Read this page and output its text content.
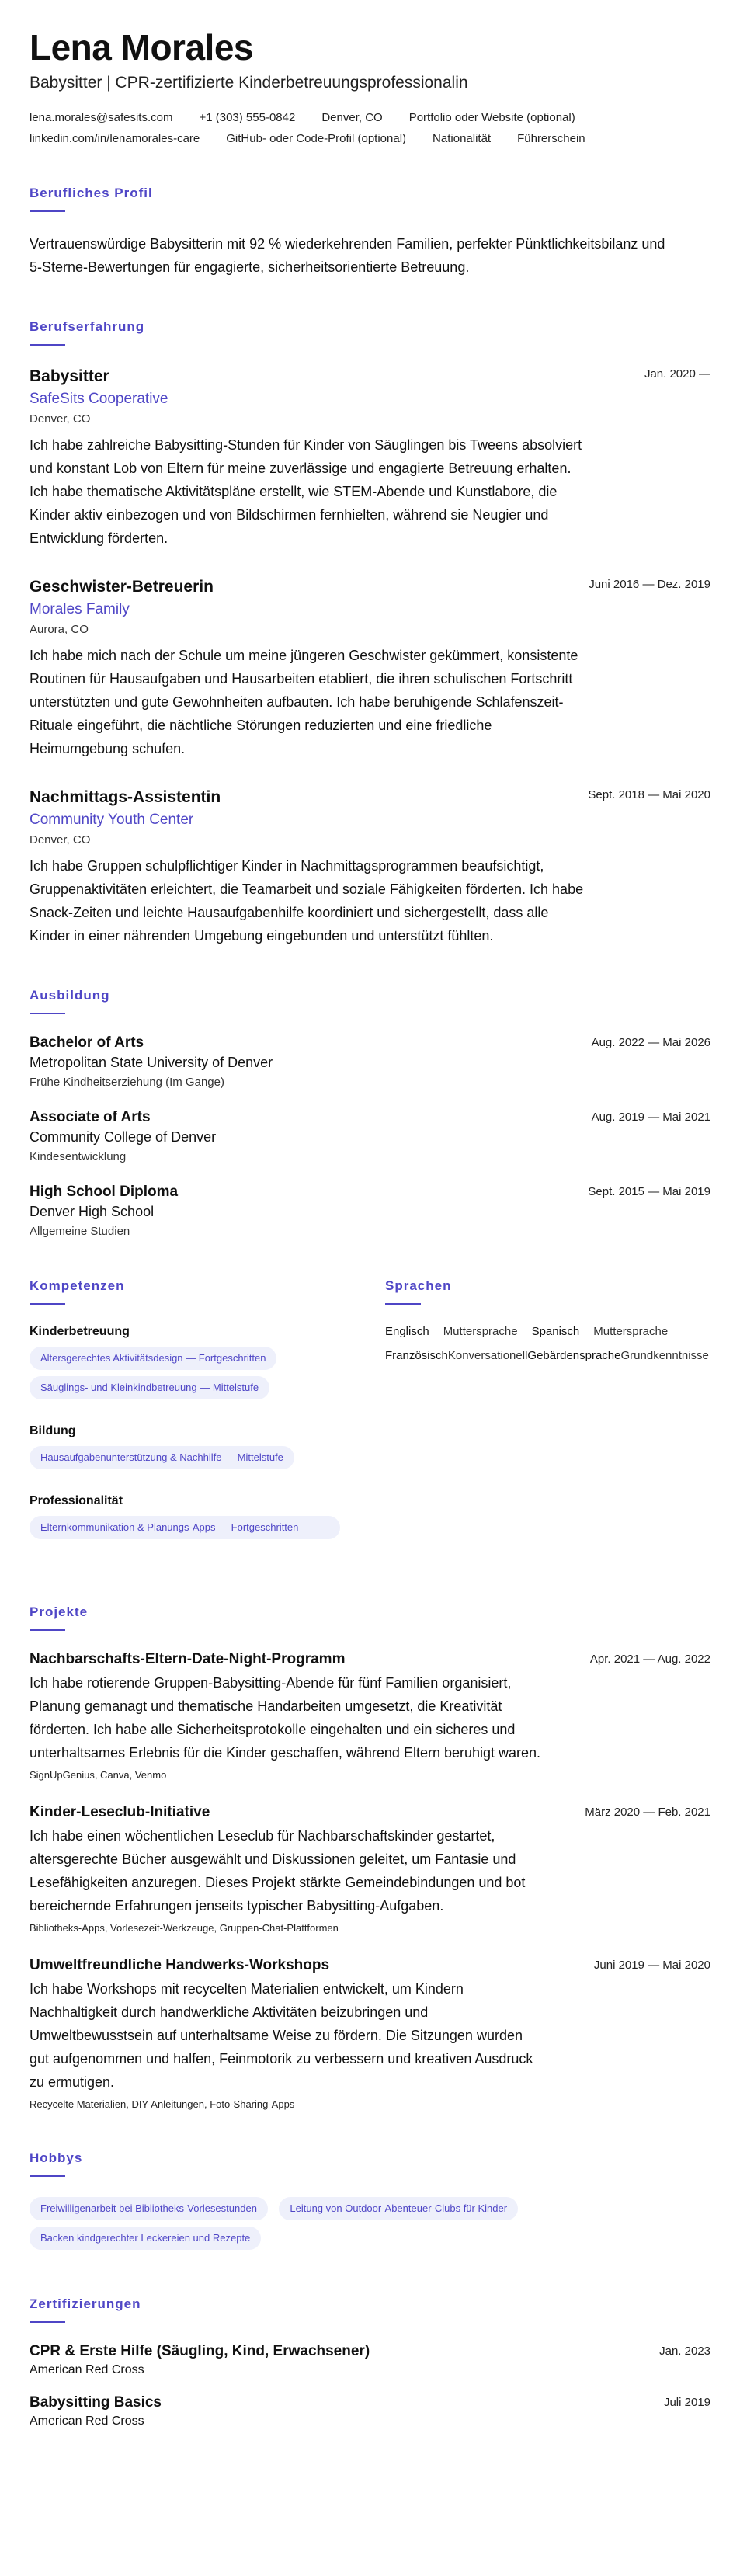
Lena Morales
Babysitter | CPR-zertifizierte Kinderbetreuungsprofessionalin
lena.morales@safesits.com +1 (303) 555-0842 Denver, CO Portfolio oder Website (optional)
linkedin.com/in/lenamorales-care GitHub- oder Code-Profil (optional) Nationalität Führerschein
Berufliches Profil
Vertrauenswürdige Babysitterin mit 92 % wiederkehrenden Familien, perfekter Pünktlichkeitsbilanz und 5-Sterne-Bewertungen für engagierte, sicherheitsorientierte Betreuung.
Berufserfahrung
Babysitter	Jan. 2020 —
SafeSits Cooperative
Denver, CO
Ich habe zahlreiche Babysitting-Stunden für Kinder von Säuglingen bis Tweens absolviert und konstant Lob von Eltern für meine zuverlässige und engagierte Betreuung erhalten. Ich habe thematische Aktivitätspläne erstellt, wie STEM-Abende und Kunstlabore, die Kinder aktiv einbezogen und von Bildschirmen fernhielten, während sie Neugier und Entwicklung förderten.
Geschwister-Betreuerin	Juni 2016 — Dez. 2019
Morales Family
Aurora, CO
Ich habe mich nach der Schule um meine jüngeren Geschwister gekümmert, konsistente Routinen für Hausaufgaben und Hausarbeiten etabliert, die ihren schulischen Fortschritt unterstützten und gute Gewohnheiten aufbauten. Ich habe beruhigende Schlafenszeit-Rituale eingeführt, die nächtliche Störungen reduzierten und eine friedliche Heimumgebung schufen.
Nachmittags-Assistentin	Sept. 2018 — Mai 2020
Community Youth Center
Denver, CO
Ich habe Gruppen schulpflichtiger Kinder in Nachmittagsprogrammen beaufsichtigt, Gruppenaktivitäten erleichtert, die Teamarbeit und soziale Fähigkeiten förderten. Ich habe Snack-Zeiten und leichte Hausaufgabenhilfe koordiniert und sichergestellt, dass alle Kinder in einer nährenden Umgebung eingebunden und unterstützt fühlten.
Ausbildung
Bachelor of Arts	Aug. 2022 — Mai 2026
Metropolitan State University of Denver
Frühe Kindheitserziehung (Im Gange)
Associate of Arts	Aug. 2019 — Mai 2021
Community College of Denver
Kindesentwicklung
High School Diploma	Sept. 2015 — Mai 2019
Denver High School
Allgemeine Studien
Kompetenzen
Kinderbetreuung
Altersgerechtes Aktivitätsdesign — Fortgeschritten
Säuglings- und Kleinkindbetreuung — Mittelstufe
Bildung
Hausaufgabenunterstützung & Nachhilfe — Mittelstufe
Professionalität
Elternkommunikation & Planungs-Apps — Fortgeschritten
Sprachen
Englisch Muttersprache Spanisch Muttersprache
Französisch Konversationell Gebärdensprache Grundkenntnisse
Projekte
Nachbarschafts-Eltern-Date-Night-Programm	Apr. 2021 — Aug. 2022
Ich habe rotierende Gruppen-Babysitting-Abende für fünf Familien organisiert, Planung gemanagt und thematische Handarbeiten umgesetzt, die Kreativität förderten. Ich habe alle Sicherheitsprotokolle eingehalten und ein sicheres und unterhaltsames Erlebnis für die Kinder geschaffen, während Eltern beruhigt waren.
SignUpGenius, Canva, Venmo
Kinder-Leseclub-Initiative	März 2020 — Feb. 2021
Ich habe einen wöchentlichen Leseclub für Nachbarschaftskinder gestartet, altersgerechte Bücher ausgewählt und Diskussionen geleitet, um Fantasie und Lesefähigkeiten anzuregen. Dieses Projekt stärkte Gemeindebindungen und bot bereichernde Erfahrungen jenseits typischer Babysitting-Aufgaben.
Bibliotheks-Apps, Vorlesezeit-Werkzeuge, Gruppen-Chat-Plattformen
Umweltfreundliche Handwerks-Workshops	Juni 2019 — Mai 2020
Ich habe Workshops mit recycelten Materialien entwickelt, um Kindern Nachhaltigkeit durch handwerkliche Aktivitäten beizubringen und Umweltbewusstsein auf unterhaltsame Weise zu fördern. Die Sitzungen wurden gut aufgenommen und halfen, Feinmotorik zu verbessern und kreativen Ausdruck zu ermutigen.
Recycelte Materialien, DIY-Anleitungen, Foto-Sharing-Apps
Hobbys
Freiwilligenarbeit bei Bibliotheks-Vorlesestunden	Leitung von Outdoor-Abenteuer-Clubs für Kinder
Backen kindgerechter Leckereien und Rezepte
Zertifizierungen
CPR & Erste Hilfe (Säugling, Kind, Erwachsener)	Jan. 2023
American Red Cross
Babysitting Basics	Juli 2019
American Red Cross
